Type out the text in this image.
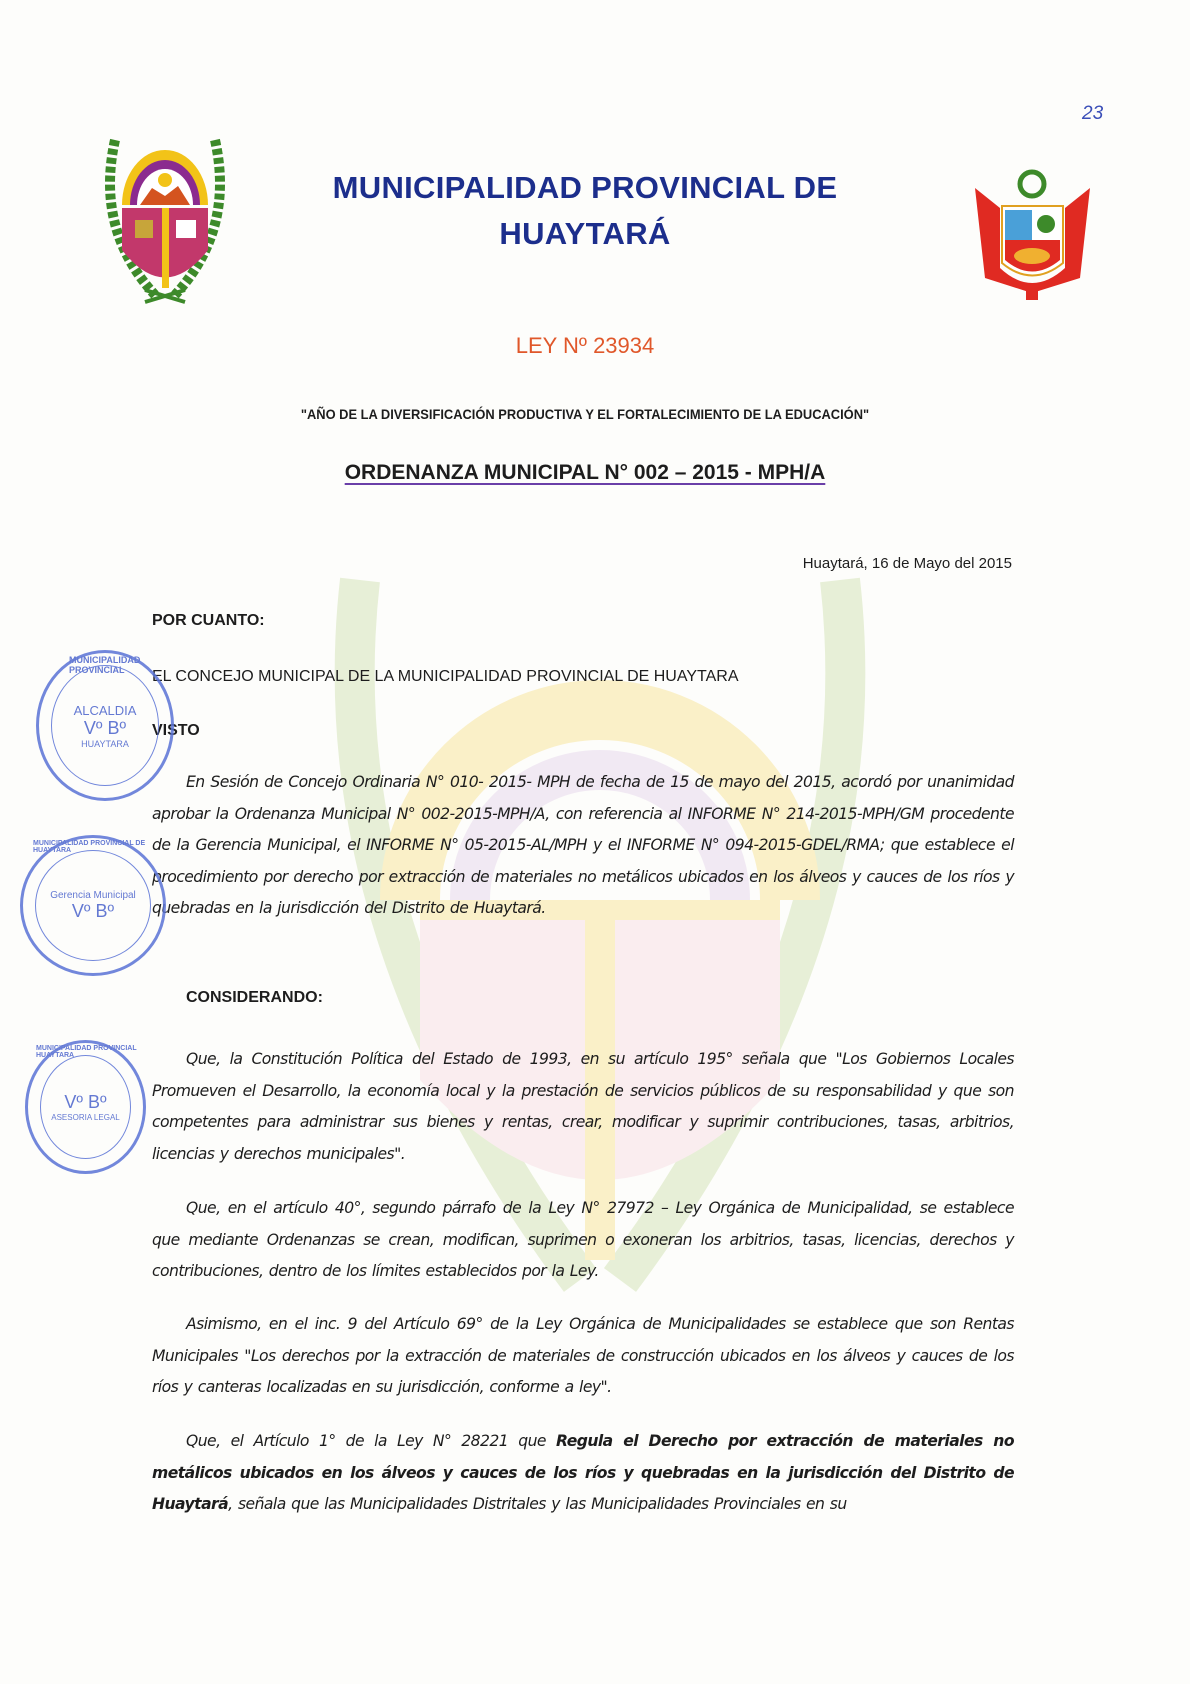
23
MUNICIPALIDAD PROVINCIAL DE
HUAYTARÁ
LEY Nº 23934
"AÑO DE LA DIVERSIFICACIÓN PRODUCTIVA Y EL FORTALECIMIENTO DE LA EDUCACIÓN"
ORDENANZA MUNICIPAL N° 002 – 2015 - MPH/A
Huaytará, 16 de Mayo del 2015
POR CUANTO:
EL CONCEJO MUNICIPAL DE LA MUNICIPALIDAD PROVINCIAL DE HUAYTARA
VISTO
En Sesión de Concejo Ordinaria N° 010- 2015- MPH de fecha de 15 de mayo del 2015, acordó por unanimidad aprobar la Ordenanza Municipal N° 002-2015-MPH/A, con referencia al INFORME N° 214-2015-MPH/GM procedente de la Gerencia Municipal, el INFORME N° 05-2015-AL/MPH y el INFORME N° 094-2015-GDEL/RMA; que establece el procedimiento por derecho por extracción de materiales no metálicos ubicados en los álveos y cauces de los ríos y quebradas en la jurisdicción del Distrito de Huaytará.
CONSIDERANDO:
Que, la Constitución Política del Estado de 1993, en su artículo 195° señala que "Los Gobiernos Locales Promueven el Desarrollo, la economía local y la prestación de servicios públicos de su responsabilidad y que son competentes para administrar sus bienes y rentas, crear, modificar y suprimir contribuciones, tasas, arbitrios, licencias y derechos municipales".
Que, en el artículo 40°, segundo párrafo de la Ley N° 27972 – Ley Orgánica de Municipalidad, se establece que mediante Ordenanzas se crean, modifican, suprimen o exoneran los arbitrios, tasas, licencias, derechos y contribuciones, dentro de los límites establecidos por la Ley.
Asimismo, en el inc. 9 del Artículo 69° de la Ley Orgánica de Municipalidades se establece que son Rentas Municipales "Los derechos por la extracción de materiales de construcción ubicados en los álveos y cauces de los ríos y canteras localizadas en su jurisdicción, conforme a ley".
Que, el Artículo 1° de la Ley N° 28221 que Regula el Derecho por extracción de materiales no metálicos ubicados en los álveos y cauces de los ríos y quebradas en la jurisdicción del Distrito de Huaytará, señala que las Municipalidades Distritales y las Municipalidades Provinciales en su
MUNICIPALIDAD PROVINCIAL
ALCALDIA
Vº Bº
HUAYTARA
MUNICIPALIDAD PROVINCIAL DE HUAYTARA
Gerencia Municipal
Vº Bº
MUNICIPALIDAD PROVINCIAL HUAYTARA
Vº Bº
ASESORIA LEGAL
